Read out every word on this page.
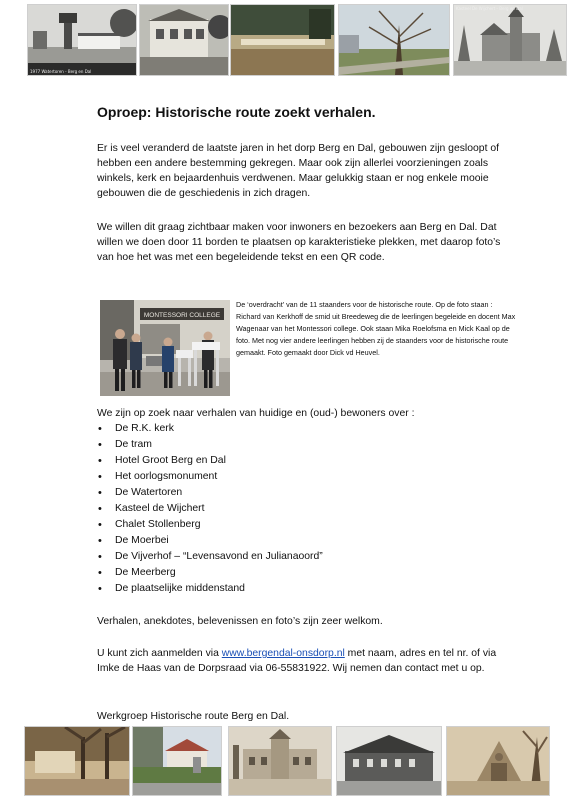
1977 Watertoren - Berg en Dal
Kasteel De Wijchert - Berg en Dal
Oproep: Historische route zoekt verhalen.

Er is veel veranderd de laatste jaren in het dorp Berg en Dal, gebouwen zijn gesloopt of hebben een andere bestemming gekregen. Maar ook zijn allerlei voorzieningen zoals winkels, kerk en bejaardenhuis verdwenen. Maar gelukkig staan er nog enkele mooie gebouwen die de geschiedenis in zich dragen.

We willen dit graag zichtbaar maken voor inwoners en bezoekers aan Berg en Dal. Dat willen we doen door 11 borden te plaatsen op karakteristieke plekken, met daarop foto’s van hoe het was met een begeleidende tekst en een QR code.

MONTESSORI COLLEGE

De ‘overdracht’ van de 11 staanders voor de historische route. Op de foto staan : Richard van Kerkhoff de smid uit Breedeweg die de leerlingen begeleide en docent Max Wagenaar van het Montessori college. Ook staan Mika Roelofsma en Mick Kaal op de foto. Met nog vier andere leerlingen hebben zij de staanders voor de historische route gemaakt. Foto gemaakt door Dick vd Heuvel.

We zijn op zoek naar verhalen van huidige en (oud-) bewoners over :

• De R.K. kerk
• De tram
• Hotel Groot Berg en Dal
• Het oorlogsmonument
• De Watertoren
• Kasteel de Wijchert
• Chalet Stollenberg
• De Moerbei
• De Vijverhof – “Levensavond en Julianaoord”
• De Meerberg
• De plaatselijke middenstand

Verhalen, anekdotes, belevenissen en foto’s zijn zeer welkom.

U kunt zich aanmelden via www.bergendal-onsdorp.nl met naam, adres en tel nr. of via Imke de Haas van de Dorpsraad via 06-55831922. Wij nemen dan contact met u op.

Werkgroep Historische route Berg en Dal.
